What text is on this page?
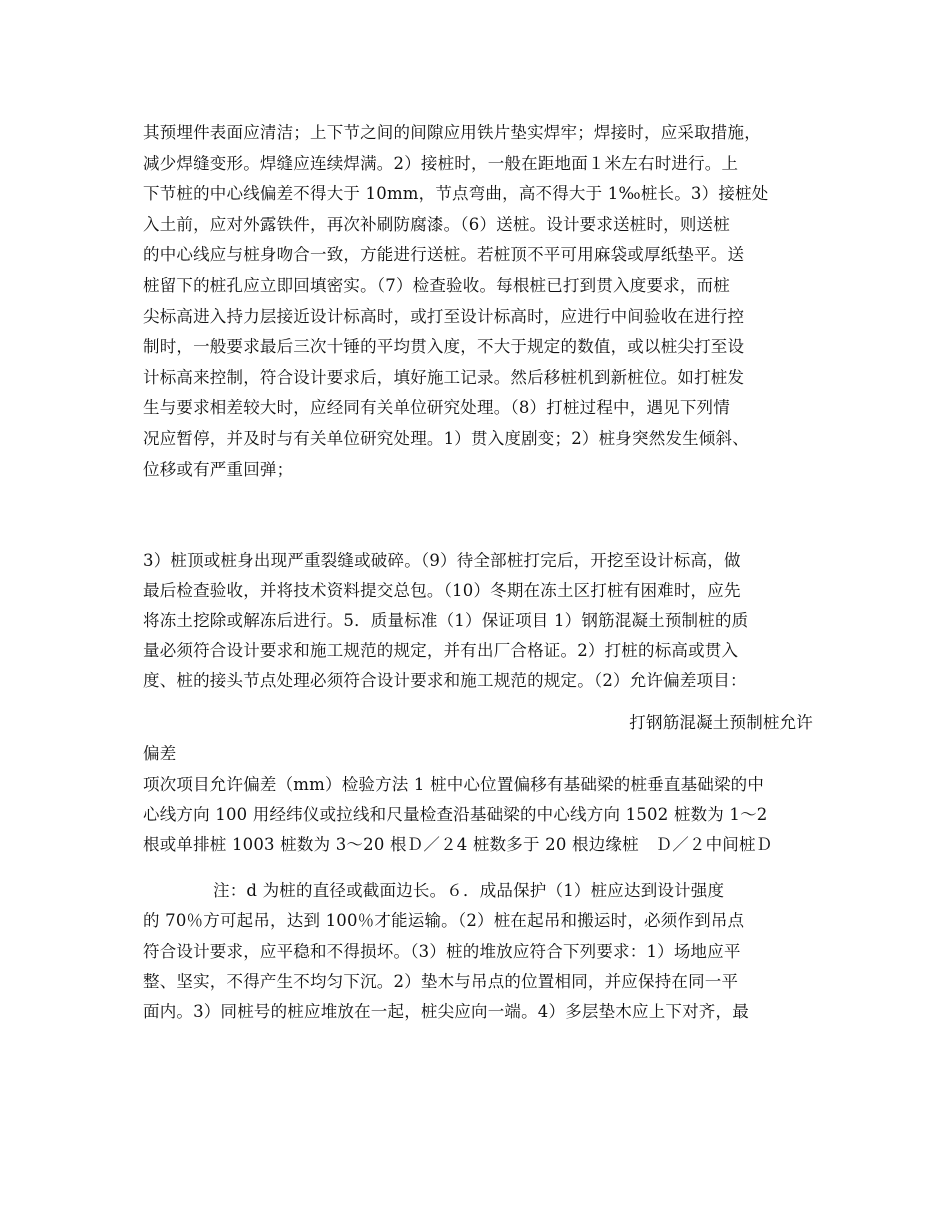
其预埋件表面应清洁；上下节之间的间隙应用铁片垫实焊牢；焊接时，应采取措施，
减少焊缝变形。焊缝应连续焊满。2）接桩时，一般在距地面１米左右时进行。上
下节桩的中心线偏差不得大于 10mm，节点弯曲，高不得大于 1‰桩长。3）接桩处
入土前，应对外露铁件，再次补刷防腐漆。（6）送桩。设计要求送桩时，则送桩
的中心线应与桩身吻合一致，方能进行送桩。若桩顶不平可用麻袋或厚纸垫平。送
桩留下的桩孔应立即回填密实。（7）检查验收。每根桩已打到贯入度要求，而桩
尖标高进入持力层接近设计标高时，或打至设计标高时，应进行中间验收在进行控
制时，一般要求最后三次十锤的平均贯入度，不大于规定的数值，或以桩尖打至设
计标高来控制，符合设计要求后，填好施工记录。然后移桩机到新桩位。如打桩发
生与要求相差较大时，应经同有关单位研究处理。（8）打桩过程中，遇见下列情
况应暂停，并及时与有关单位研究处理。1）贯入度剧变；2）桩身突然发生倾斜、
位移或有严重回弹；
3）桩顶或桩身出现严重裂缝或破碎。（9）待全部桩打完后，开挖至设计标高，做
最后检查验收，并将技术资料提交总包。（10）冬期在冻土区打桩有困难时，应先
将冻土挖除或解冻后进行。5．质量标准（1）保证项目 1）钢筋混凝土预制桩的质
量必须符合设计要求和施工规范的规定，并有出厂合格证。2）打桩的标高或贯入
度、桩的接头节点处理必须符合设计要求和施工规范的规定。（2）允许偏差项目：
打钢筋混凝土预制桩允许
偏差
项次项目允许偏差（mm）检验方法 1 桩中心位置偏移有基础梁的桩垂直基础梁的中
心线方向 100 用经纬仪或拉线和尺量检查沿基础梁的中心线方向 1502 桩数为 1～2
根或单排桩 1003 桩数为 3～20 根Ｄ／２4 桩数多于 20 根边缘桩　Ｄ／２中间桩Ｄ
注：d 为桩的直径或截面边长。６．成品保护（1）桩应达到设计强度
的 70％方可起吊，达到 100％才能运输。（2）桩在起吊和搬运时，必须作到吊点
符合设计要求，应平稳和不得损坏。（3）桩的堆放应符合下列要求：1）场地应平
整、坚实，不得产生不均匀下沉。2）垫木与吊点的位置相同，并应保持在同一平
面内。3）同桩号的桩应堆放在一起，桩尖应向一端。4）多层垫木应上下对齐，最
